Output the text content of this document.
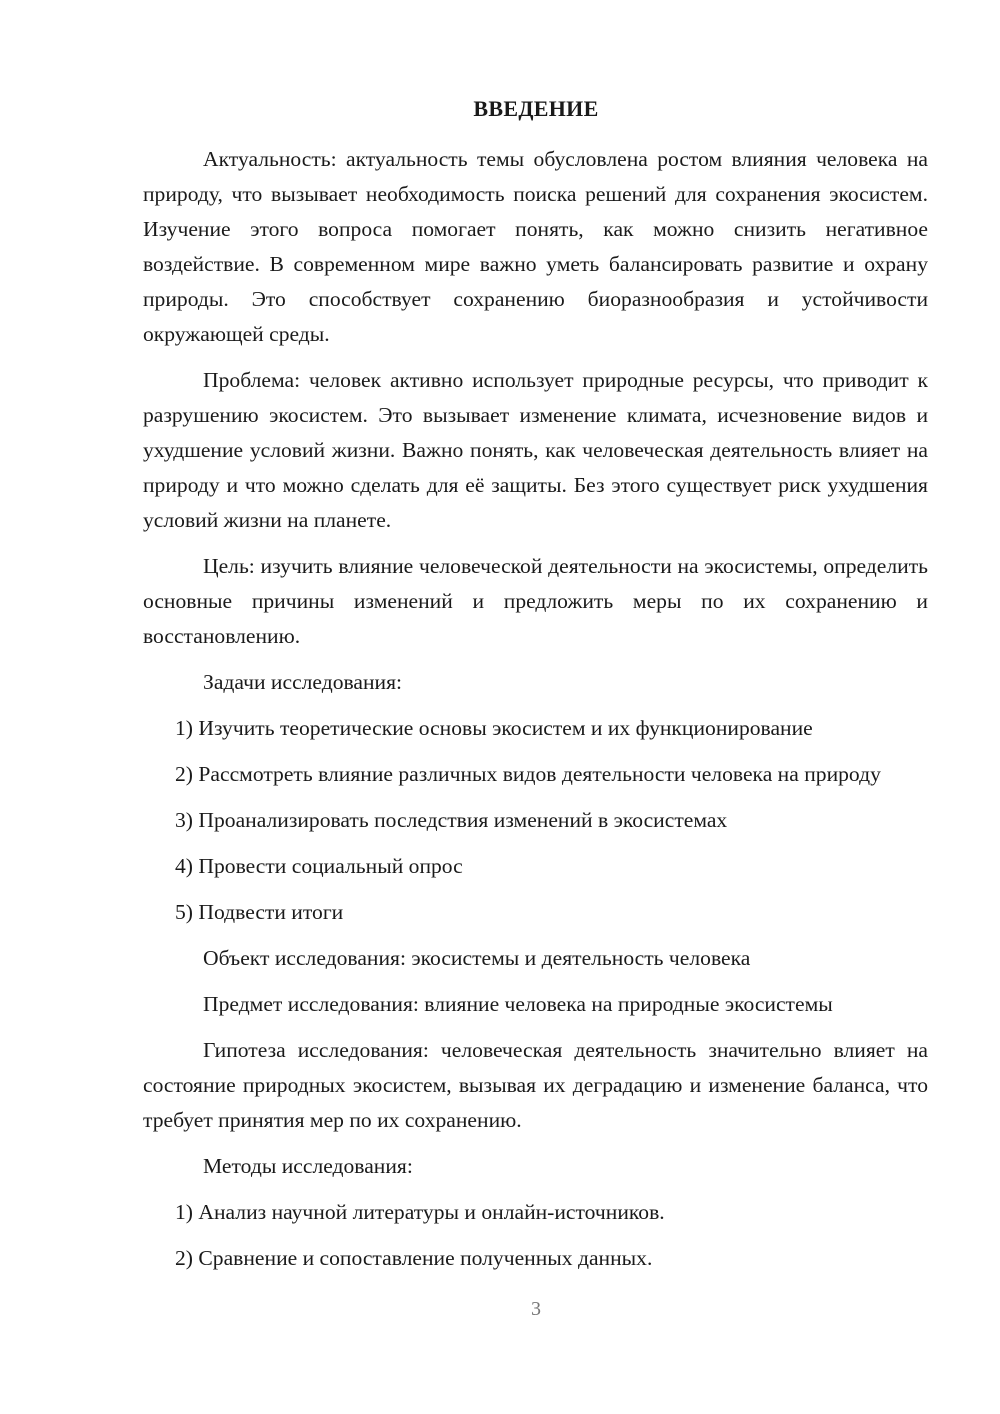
ВВЕДЕНИЕ

Актуальность: актуальность темы обусловлена ростом влияния человека на природу, что вызывает необходимость поиска решений для сохранения экосистем. Изучение этого вопроса помогает понять, как можно снизить негативное воздействие. В современном мире важно уметь балансировать развитие и охрану природы. Это способствует сохранению биоразнообразия и устойчивости окружающей среды.

Проблема: человек активно использует природные ресурсы, что приводит к разрушению экосистем. Это вызывает изменение климата, исчезновение видов и ухудшение условий жизни. Важно понять, как человеческая деятельность влияет на природу и что можно сделать для её защиты. Без этого существует риск ухудшения условий жизни на планете.

Цель: изучить влияние человеческой деятельности на экосистемы, определить основные причины изменений и предложить меры по их сохранению и восстановлению.

Задачи исследования:

1) Изучить теоретические основы экосистем и их функционирование

2) Рассмотреть влияние различных видов деятельности человека на природу

3) Проанализировать последствия изменений в экосистемах

4) Провести социальный опрос

5) Подвести итоги

Объект исследования: экосистемы и деятельность человека

Предмет исследования: влияние человека на природные экосистемы

Гипотеза исследования: человеческая деятельность значительно влияет на состояние природных экосистем, вызывая их деградацию и изменение баланса, что требует принятия мер по их сохранению.

Методы исследования:

1) Анализ научной литературы и онлайн-источников.

2) Сравнение и сопоставление полученных данных.

3
